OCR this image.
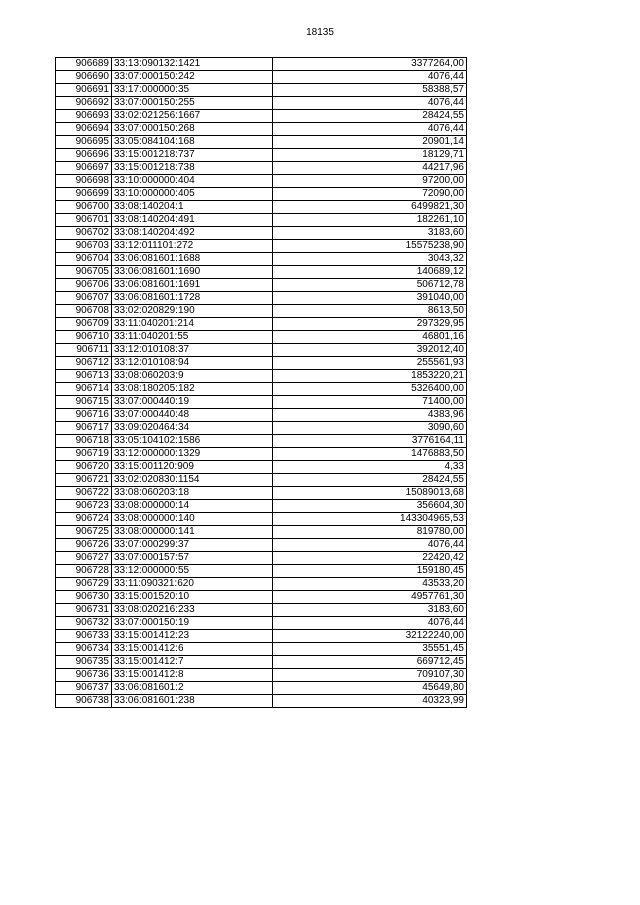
18135
906689	33:13:090132:1421	3377264,00
906690	33:07:000150:242	4076,44
906691	33:17:000000:35	58388,57
906692	33:07:000150:255	4076,44
906693	33:02:021256:1667	28424,55
906694	33:07:000150:268	4076,44
906695	33:05:084104:168	20901,14
906696	33:15:001218:737	18129,71
906697	33:15:001218:738	44217,96
906698	33:10:000000:404	97200,00
906699	33:10:000000:405	72090,00
906700	33:08:140204:1	6499821,30
906701	33:08:140204:491	182261,10
906702	33:08:140204:492	3183,60
906703	33:12:011101:272	15575238,90
906704	33:06:081601:1688	3043,32
906705	33:06:081601:1690	140689,12
906706	33:06:081601:1691	506712,78
906707	33:06:081601:1728	391040,00
906708	33:02:020829:190	8613,50
906709	33:11:040201:214	297329,95
906710	33:11:040201:55	46801,16
906711	33:12:010108:37	392012,40
906712	33:12:010108:94	255561,93
906713	33:08:060203:9	1853220,21
906714	33:08:180205:182	5326400,00
906715	33:07:000440:19	71400,00
906716	33:07:000440:48	4383,96
906717	33:09:020464:34	3090,60
906718	33:05:104102:1586	3776164,11
906719	33:12:000000:1329	1476883,50
906720	33:15:001120:909	4,33
906721	33:02:020830:1154	28424,55
906722	33:08:060203:18	15089013,68
906723	33:08:000000:14	356604,30
906724	33:08:000000:140	143304965,53
906725	33:08:000000:141	819780,00
906726	33:07:000299:37	4076,44
906727	33:07:000157:57	22420,42
906728	33:12:000000:55	159180,45
906729	33:11:090321:620	43533,20
906730	33:15:001520:10	4957761,30
906731	33:08:020216:233	3183,60
906732	33:07:000150:19	4076,44
906733	33:15:001412:23	32122240,00
906734	33:15:001412:6	35551,45
906735	33:15:001412:7	669712,45
906736	33:15:001412:8	709107,30
906737	33:06:081601:2	45649,80
906738	33:06:081601:238	40323,99
